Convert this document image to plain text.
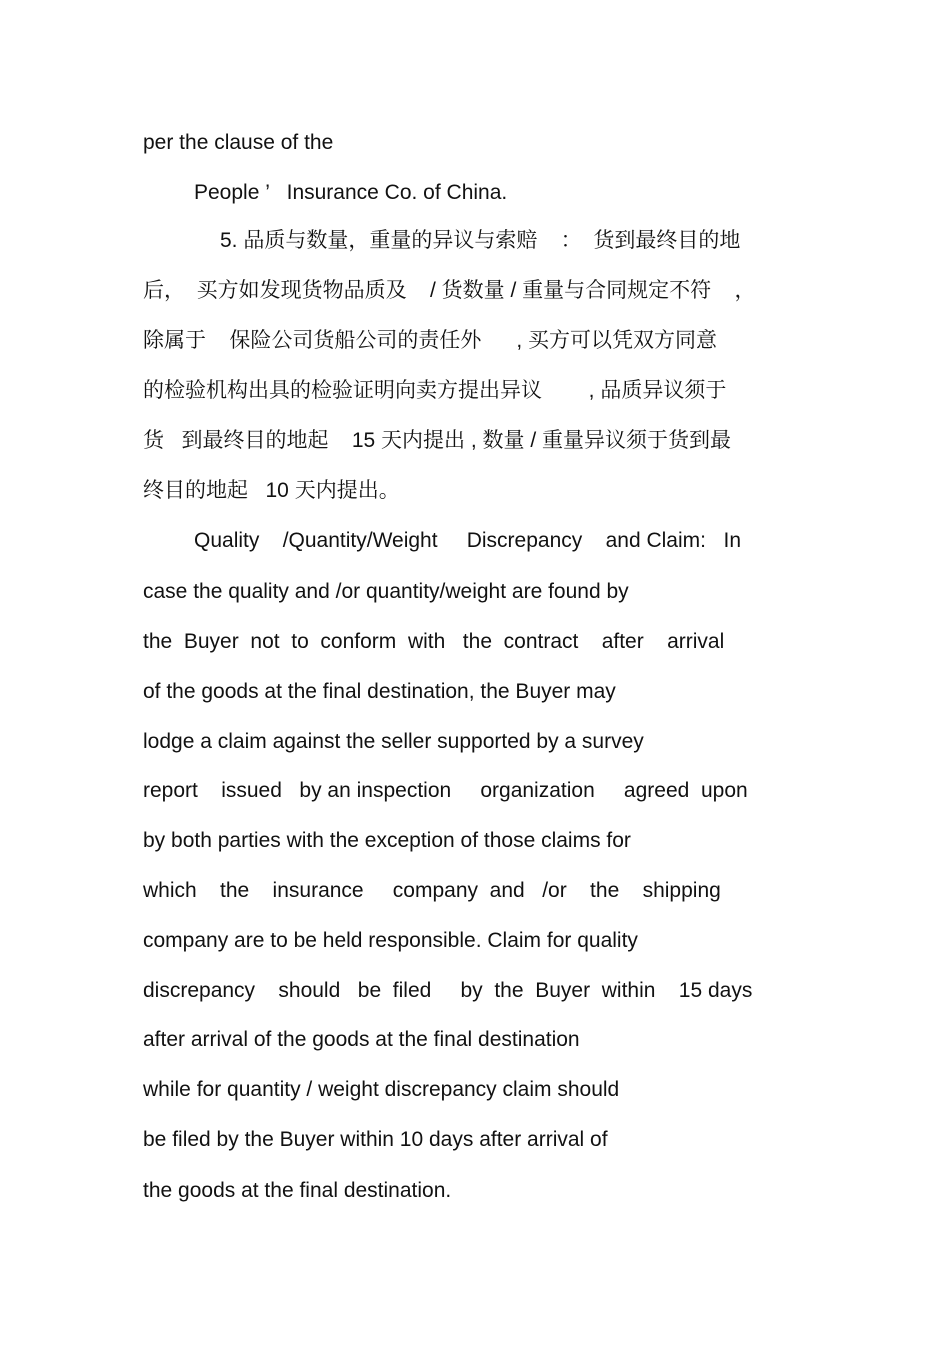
per the clause of the
People ’   Insurance Co. of China.
5. 品质与数量，重量的异议与索赔    ：  货到最终目的地
后，  买方如发现货物品质及    / 货数量 / 重量与合同规定不符    ，
除属于    保险公司货船公司的责任外      , 买方可以凭双方同意
的检验机构出具的检验证明向卖方提出异议        , 品质异议须于
货   到最终目的地起    15 天内提出 , 数量 / 重量异议须于货到最
终目的地起   10 天内提出。
Quality    /Quantity/Weight     Discrepancy    and Claim:   In
case the quality and /or quantity/weight are found by
the  Buyer  not  to  conform  with   the  contract    after    arrival
of the goods at the final destination, the Buyer may
lodge a claim against the seller supported by a survey
report    issued   by an inspection     organization     agreed  upon
by both parties with the exception of those claims for
which    the    insurance     company  and   /or    the    shipping
company are to be held responsible. Claim for quality
discrepancy    should   be  filed     by  the  Buyer  within    15 days
after arrival of the goods at the final destination
while for quantity / weight discrepancy claim should
be filed by the Buyer within 10 days after arrival of
the goods at the final destination.
